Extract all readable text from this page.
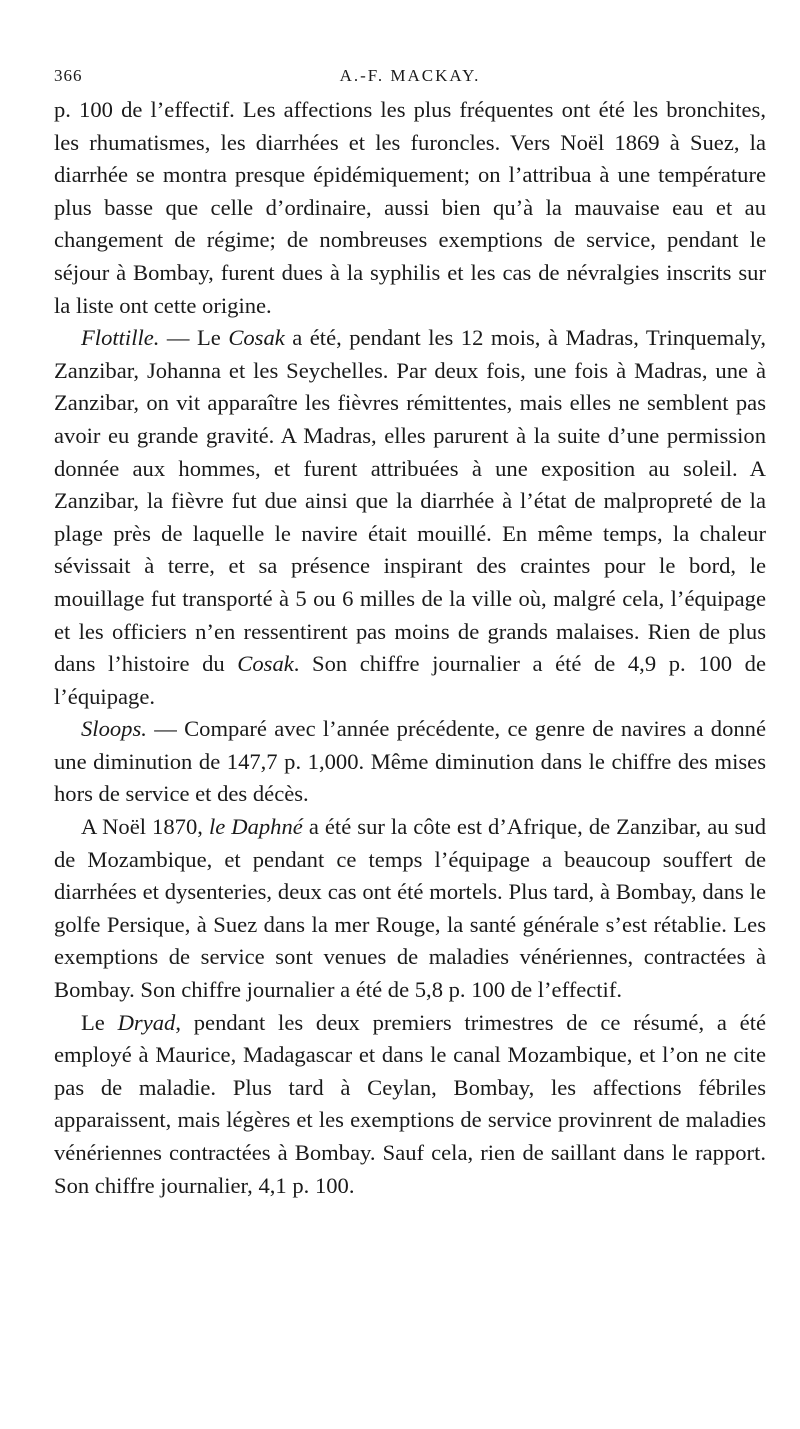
366	A.-F. MACKAY.

p. 100 de l’effectif. Les affections les plus fréquentes ont été les bronchites, les rhumatismes, les diarrhées et les furoncles. Vers Noël 1869 à Suez, la diarrhée se montra presque épidémiquement; on l’attribua à une température plus basse que celle d’ordinaire, aussi bien qu’à la mauvaise eau et au changement de régime; de nombreuses exemptions de service, pendant le séjour à Bombay, furent dues à la syphilis et les cas de névralgies inscrits sur la liste ont cette origine.

Flottille. — Le Cosak a été, pendant les 12 mois, à Madras, Trinquemaly, Zanzibar, Johanna et les Seychelles. Par deux fois, une fois à Madras, une à Zanzibar, on vit apparaître les fièvres rémittentes, mais elles ne semblent pas avoir eu grande gravité. A Madras, elles parurent à la suite d’une permission donnée aux hommes, et furent attribuées à une exposition au soleil. A Zanzibar, la fièvre fut due ainsi que la diarrhée à l’état de malpropreté de la plage près de laquelle le navire était mouillé. En même temps, la chaleur sévissait à terre, et sa présence inspirant des craintes pour le bord, le mouillage fut transporté à 5 ou 6 milles de la ville où, malgré cela, l’équipage et les officiers n’en ressentirent pas moins de grands malaises. Rien de plus dans l’histoire du Cosak. Son chiffre journalier a été de 4,9 p. 100 de l’équipage.

Sloops. — Comparé avec l’année précédente, ce genre de navires a donné une diminution de 147,7 p. 1,000. Même diminution dans le chiffre des mises hors de service et des décès.

A Noël 1870, le Daphné a été sur la côte est d’Afrique, de Zanzibar, au sud de Mozambique, et pendant ce temps l’équipage a beaucoup souffert de diarrhées et dysenteries, deux cas ont été mortels. Plus tard, à Bombay, dans le golfe Persique, à Suez dans la mer Rouge, la santé générale s’est rétablie. Les exemptions de service sont venues de maladies vénériennes, contractées à Bombay. Son chiffre journalier a été de 5,8 p. 100 de l’effectif.

Le Dryad, pendant les deux premiers trimestres de ce résumé, a été employé à Maurice, Madagascar et dans le canal Mozambique, et l’on ne cite pas de maladie. Plus tard à Ceylan, Bombay, les affections fébriles apparaissent, mais légères et les exemptions de service provinrent de maladies vénériennes contractées à Bombay. Sauf cela, rien de saillant dans le rapport. Son chiffre journalier, 4,1 p. 100.
